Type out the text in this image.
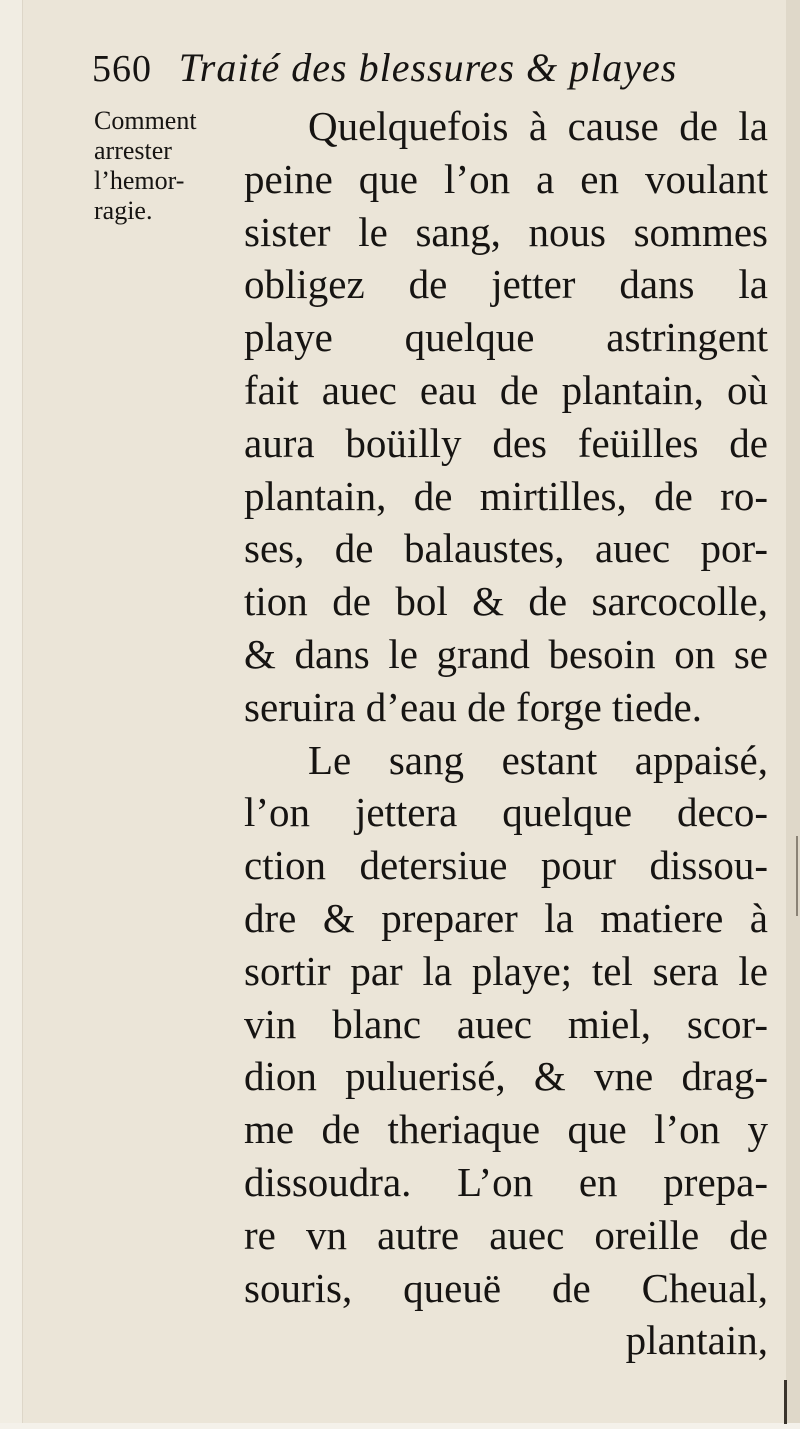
560 Traité des blessures & playes
Comment
arrester
l’hemor-
ragie.
Quelquefois à cause de la
peine que l’on a en voulant
sister le sang, nous sommes
obligez de jetter dans la
playe quelque astringent
fait auec eau de plantain, où
aura boüilly des feüilles de
plantain, de mirtilles, de ro-
ses, de balaustes, auec por-
tion de bol & de sarcocolle,
& dans le grand besoin on se
seruira d’eau de forge tiede.
Le sang estant appaisé,
l’on jettera quelque deco-
ction detersiue pour dissou-
dre & preparer la matiere à
sortir par la playe; tel sera le
vin blanc auec miel, scor-
dion puluerisé, & vne drag-
me de theriaque que l’on y
dissoudra. L’on en prepa-
re vn autre auec oreille de
souris, queuë de Cheual,
plantain,
